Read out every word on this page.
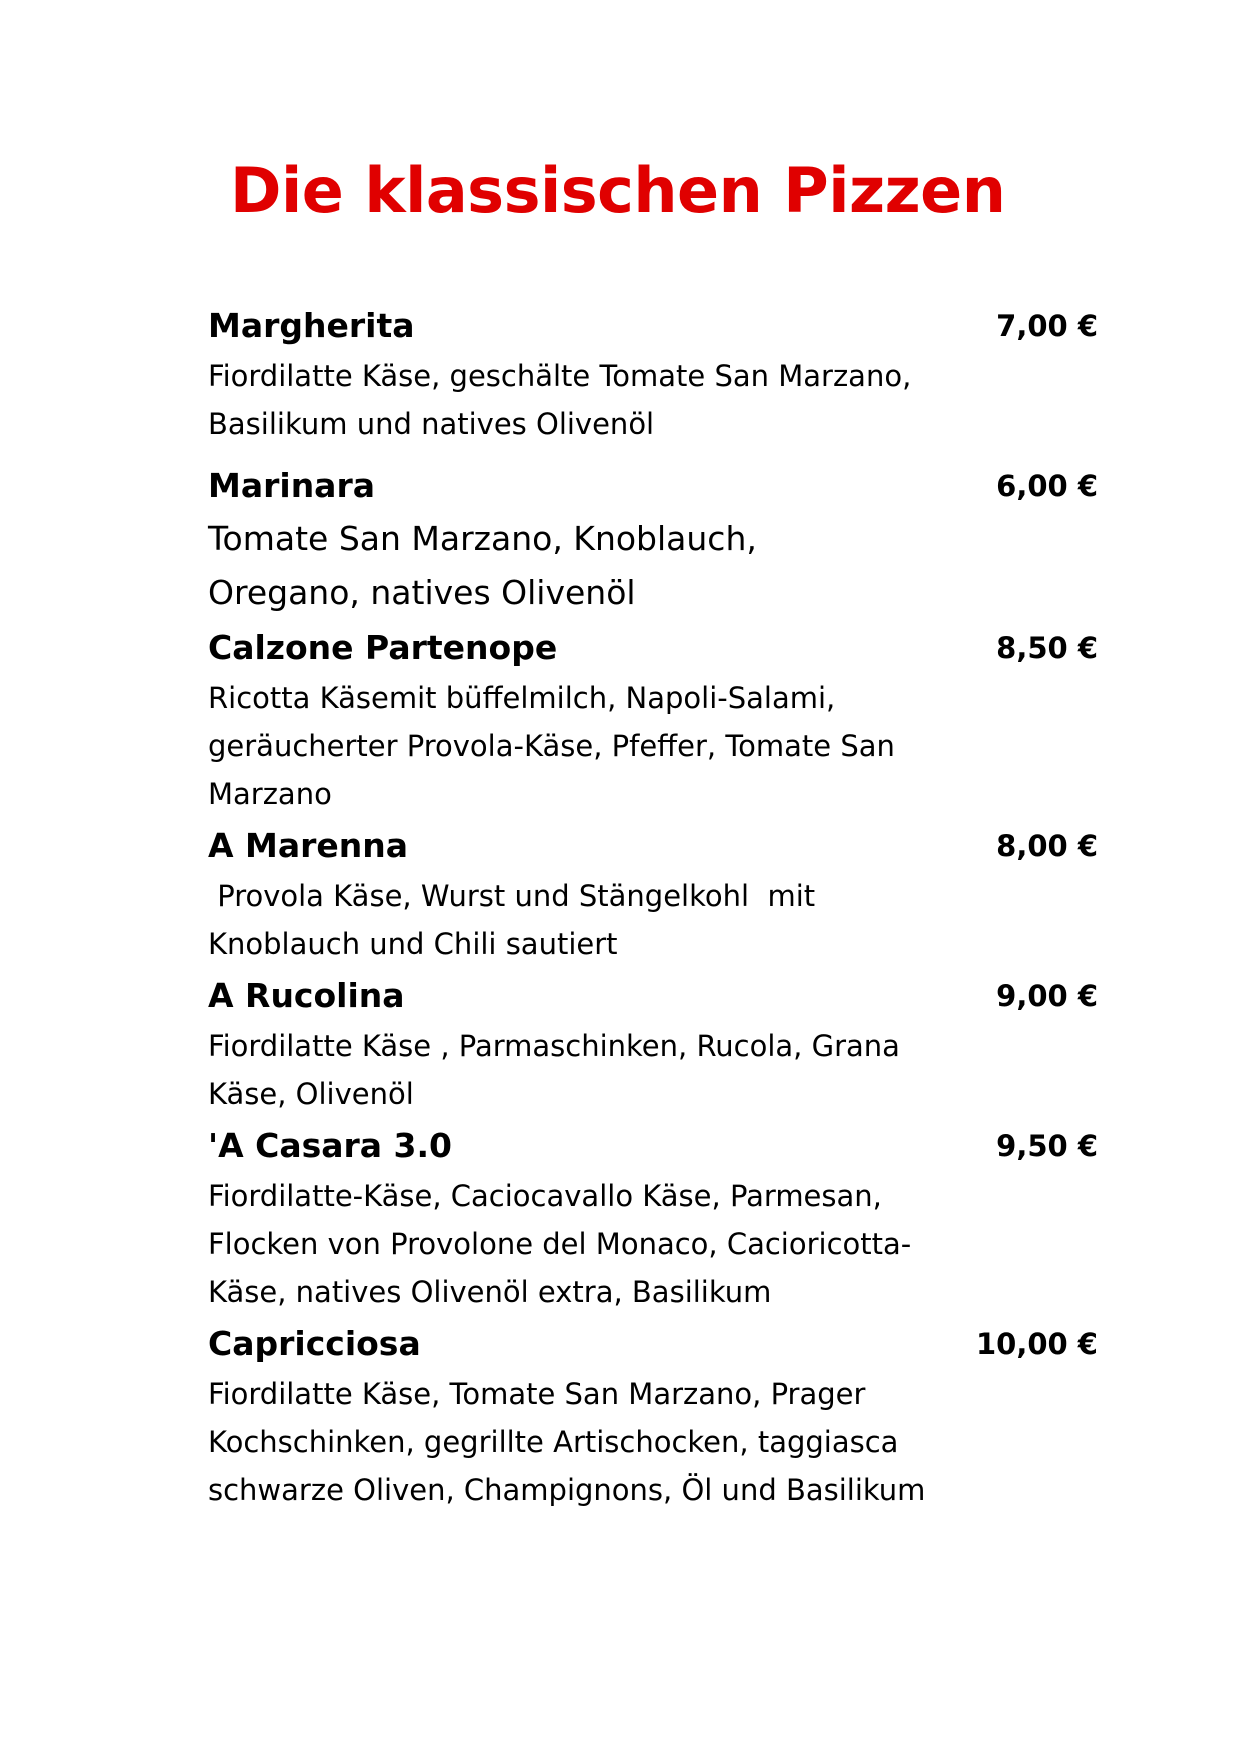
Die klassischen Pizzen
Margherita	7,00 €
Fiordilatte Käse, geschälte Tomate San Marzano, Basilikum und natives Olivenöl
Marinara	6,00 €
Tomate San Marzano, Knoblauch, Oregano, natives Olivenöl
Calzone Partenope	8,50 €
Ricotta Käsemit büffelmilch, Napoli-Salami, geräucherter Provola-Käse, Pfeffer, Tomate San Marzano
A Marenna	8,00 €
Provola Käse, Wurst und Stängelkohl  mit Knoblauch und Chili sautiert
A Rucolina	9,00 €
Fiordilatte Käse , Parmaschinken, Rucola, Grana Käse, Olivenöl
'A Casara 3.0	9,50 €
Fiordilatte-Käse, Caciocavallo Käse, Parmesan, Flocken von Provolone del Monaco, Cacioricotta-Käse, natives Olivenöl extra, Basilikum
Capricciosa	10,00 €
Fiordilatte Käse, Tomate San Marzano, Prager Kochschinken, gegrillte Artischocken, taggiasca schwarze Oliven, Champignons, Öl und Basilikum
